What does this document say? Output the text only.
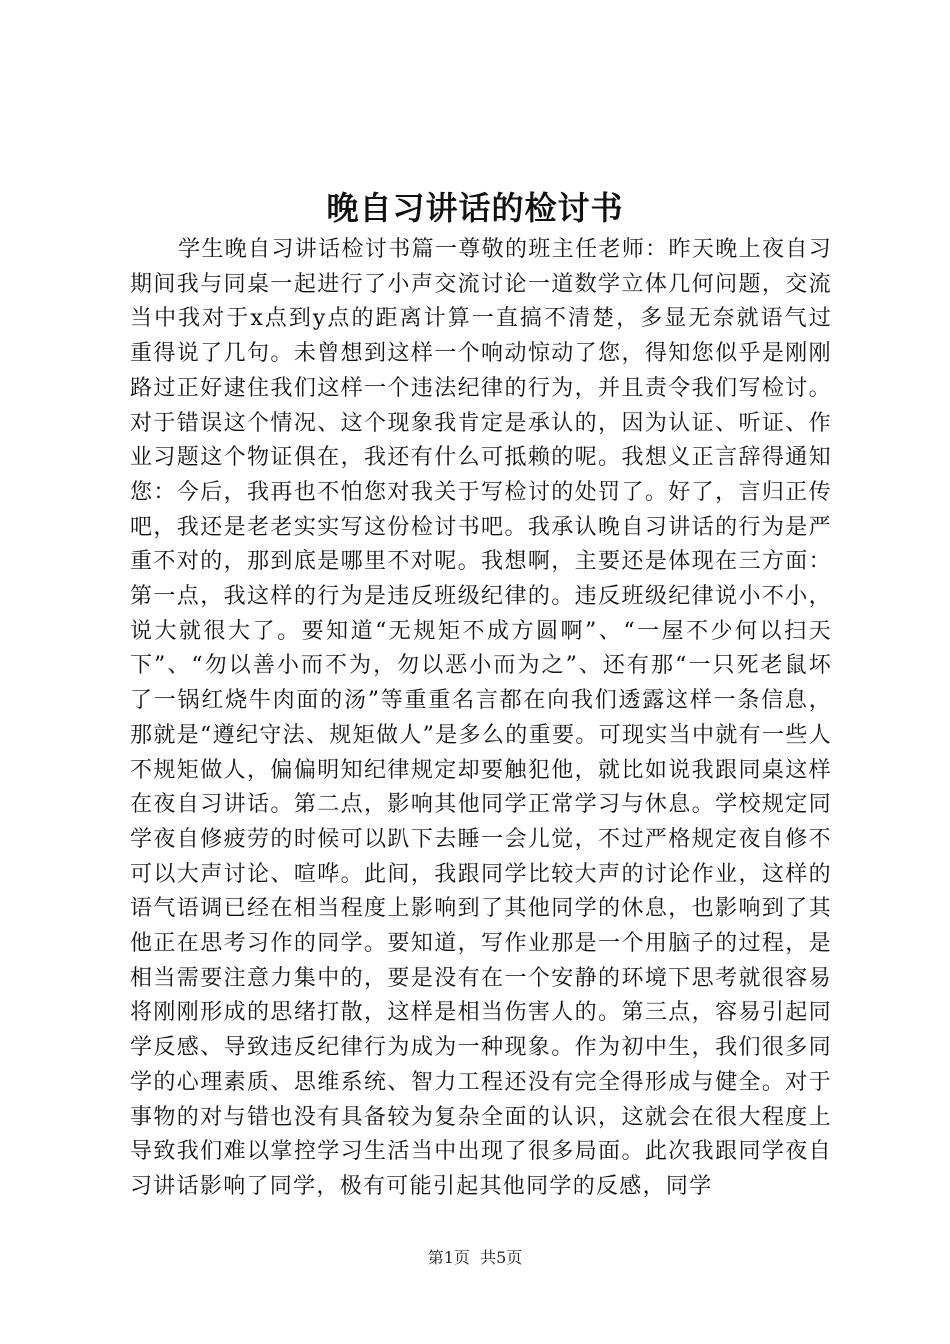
晚自习讲话的检讨书

学生晚自习讲话检讨书篇一尊敬的班主任老师：昨天晚上夜自习期间我与同桌一起进行了小声交流讨论一道数学立体几何问题，交流当中我对于x点到y点的距离计算一直搞不清楚，多显无奈就语气过重得说了几句。未曾想到这样一个响动惊动了您，得知您似乎是刚刚路过正好逮住我们这样一个违法纪律的行为，并且责令我们写检讨。对于错误这个情况、这个现象我肯定是承认的，因为认证、听证、作业习题这个物证俱在，我还有什么可抵赖的呢。我想义正言辞得通知您：今后，我再也不怕您对我关于写检讨的处罚了。好了，言归正传吧，我还是老老实实写这份检讨书吧。我承认晚自习讲话的行为是严重不对的，那到底是哪里不对呢。我想啊，主要还是体现在三方面：第一点，我这样的行为是违反班级纪律的。违反班级纪律说小不小，说大就很大了。要知道“无规矩不成方圆啊”、“一屋不少何以扫天下”、“勿以善小而不为，勿以恶小而为之”、还有那“一只死老鼠坏了一锅红烧牛肉面的汤”等重重名言都在向我们透露这样一条信息，那就是“遵纪守法、规矩做人”是多么的重要。可现实当中就有一些人不规矩做人，偏偏明知纪律规定却要触犯他，就比如说我跟同桌这样在夜自习讲话。第二点，影响其他同学正常学习与休息。学校规定同学夜自修疲劳的时候可以趴下去睡一会儿觉，不过严格规定夜自修不可以大声讨论、喧哗。此间，我跟同学比较大声的讨论作业，这样的语气语调已经在相当程度上影响到了其他同学的休息，也影响到了其他正在思考习作的同学。要知道，写作业那是一个用脑子的过程，是相当需要注意力集中的，要是没有在一个安静的环境下思考就很容易将刚刚形成的思绪打散，这样是相当伤害人的。第三点，容易引起同学反感、导致违反纪律行为成为一种现象。作为初中生，我们很多同学的心理素质、思维系统、智力工程还没有完全得形成与健全。对于事物的对与错也没有具备较为复杂全面的认识，这就会在很大程度上导致我们难以掌控学习生活当中出现了很多局面。此次我跟同学夜自习讲话影响了同学，极有可能引起其他同学的反感，同学

第1页 共5页
